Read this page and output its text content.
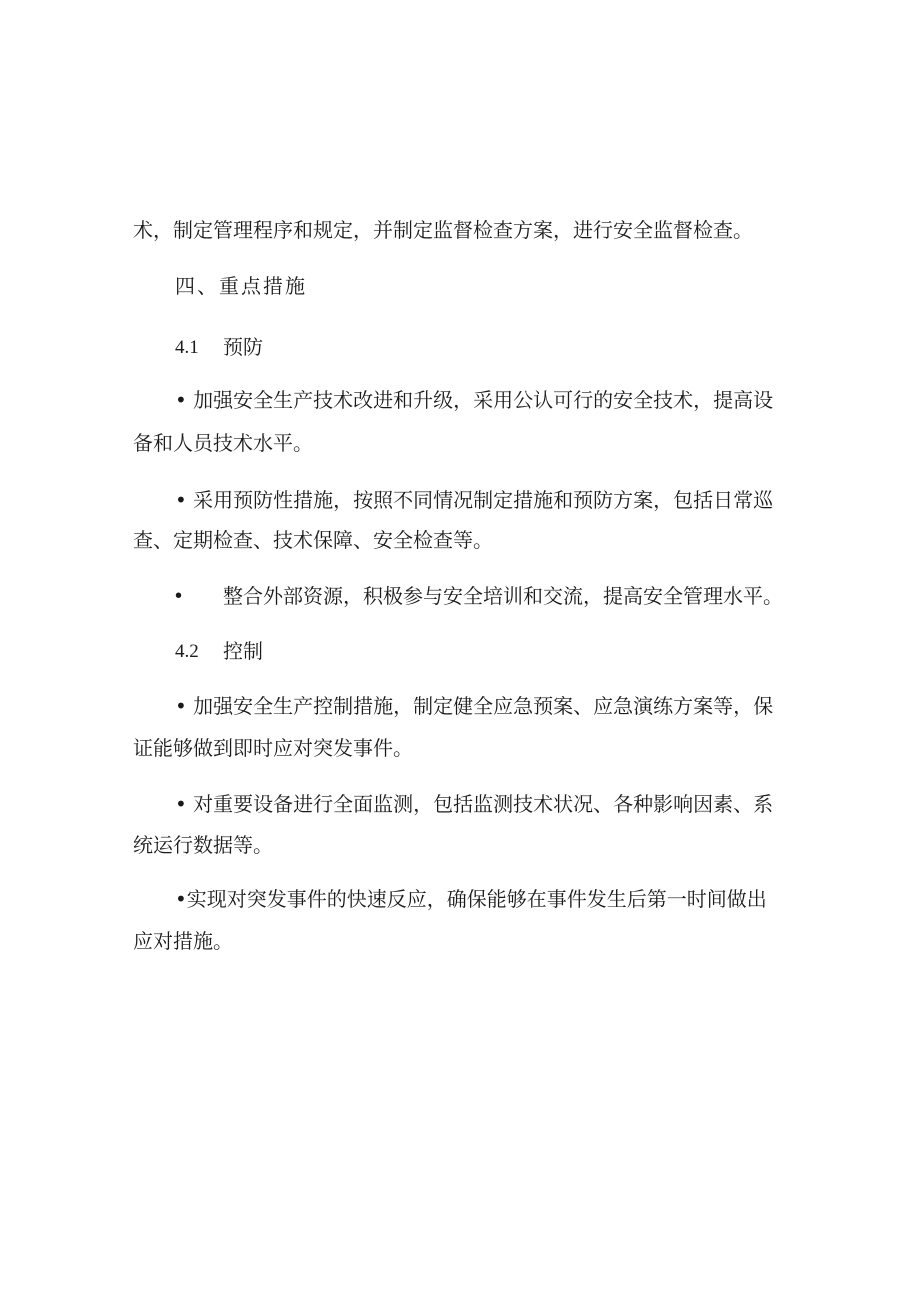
术，制定管理程序和规定，并制定监督检查方案，进行安全监督检查。
四、重点措施
4.1 预防
• 加强安全生产技术改进和升级，采用公认可行的安全技术，提高设
备和人员技术水平。
• 采用预防性措施，按照不同情况制定措施和预防方案，包括日常巡
查、定期检查、技术保障、安全检查等。
• 整合外部资源，积极参与安全培训和交流，提高安全管理水平。
4.2 控制
• 加强安全生产控制措施，制定健全应急预案、应急演练方案等，保
证能够做到即时应对突发事件。
• 对重要设备进行全面监测，包括监测技术状况、各种影响因素、系
统运行数据等。
•实现对突发事件的快速反应，确保能够在事件发生后第一时间做出
应对措施。
